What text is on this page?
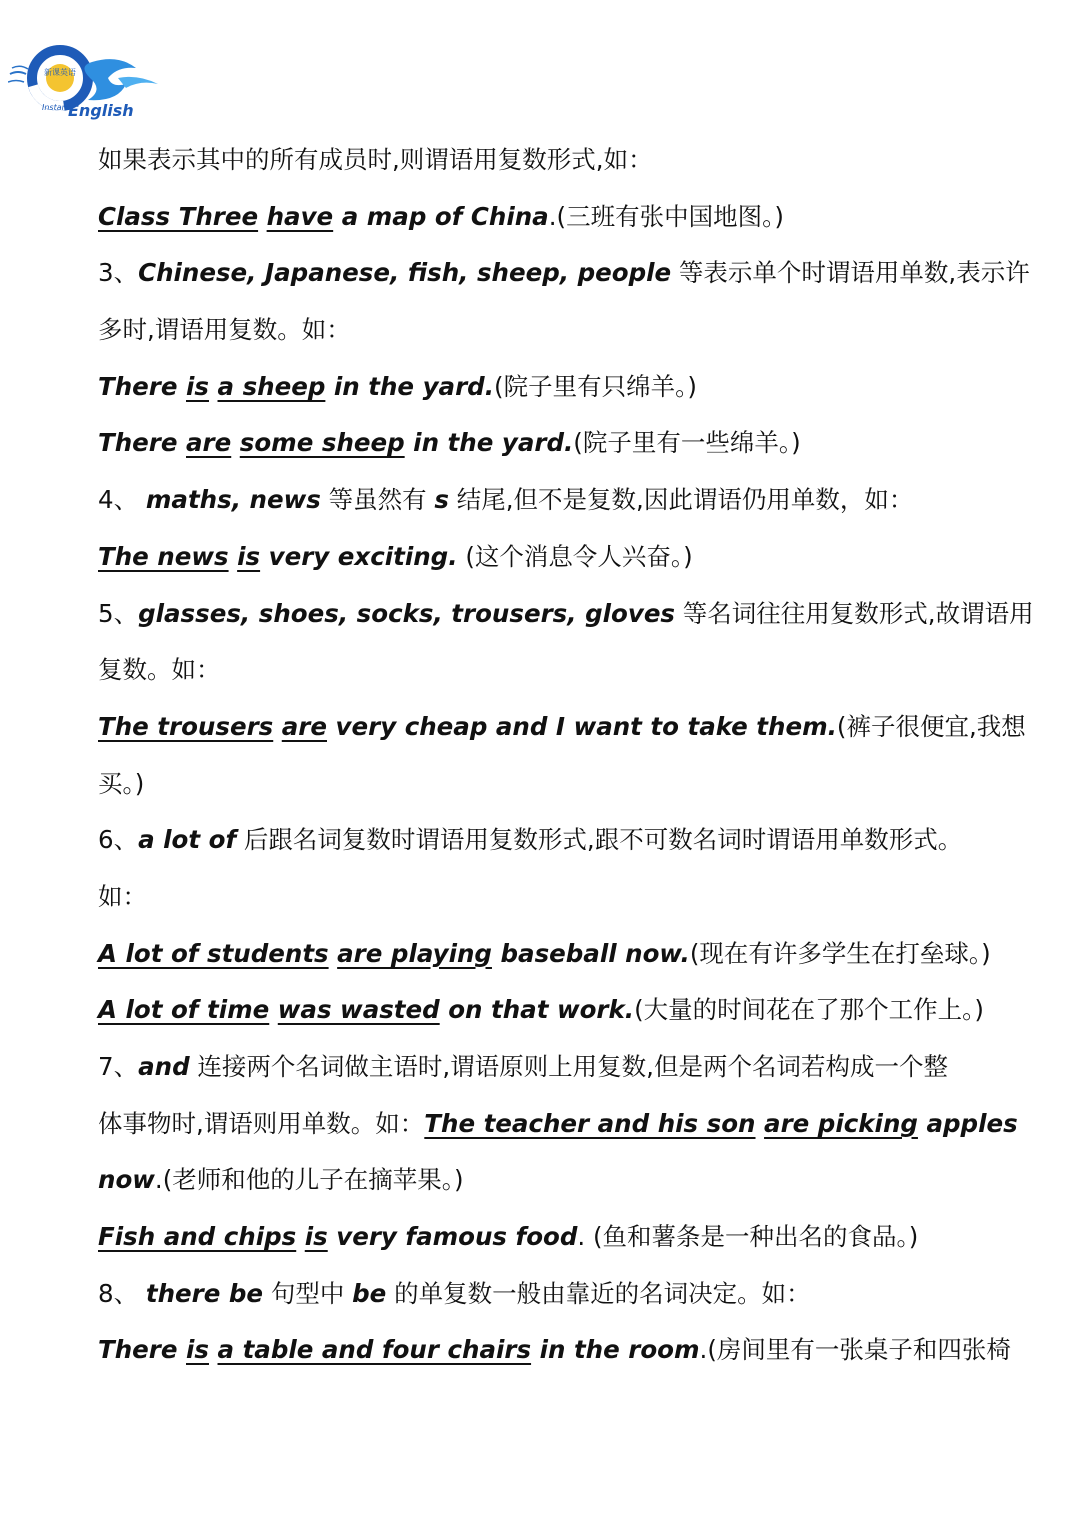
新课英语
Instant
English
如果表示其中的所有成员时,则谓语用复数形式,如：
Class Three have a map of China.(三班有张中国地图。)
3、Chinese, Japanese, fish, sheep, people 等表示单个时谓语用单数,表示许
多时,谓语用复数。如：
There is a sheep in the yard.(院子里有只绵羊。)
There are some sheep in the yard.(院子里有一些绵羊。)
4、 maths, news 等虽然有 s 结尾,但不是复数,因此谓语仍用单数，如：
The news is very exciting. (这个消息令人兴奋。)
5、glasses, shoes, socks, trousers, gloves 等名词往往用复数形式,故谓语用
复数。如：
The trousers are very cheap and I want to take them.(裤子很便宜,我想
买。)
6、a lot of 后跟名词复数时谓语用复数形式,跟不可数名词时谓语用单数形式。
如：
A lot of students are playing baseball now.(现在有许多学生在打垒球。)
A lot of time was wasted on that work.(大量的时间花在了那个工作上。)
7、and 连接两个名词做主语时,谓语原则上用复数,但是两个名词若构成一个整
体事物时,谓语则用单数。如：The teacher and his son are picking apples
now.(老师和他的儿子在摘苹果。)
Fish and chips is very famous food. (鱼和薯条是一种出名的食品。)
8、 there be 句型中 be 的单复数一般由靠近的名词决定。如：
There is a table and four chairs in the room.(房间里有一张桌子和四张椅
